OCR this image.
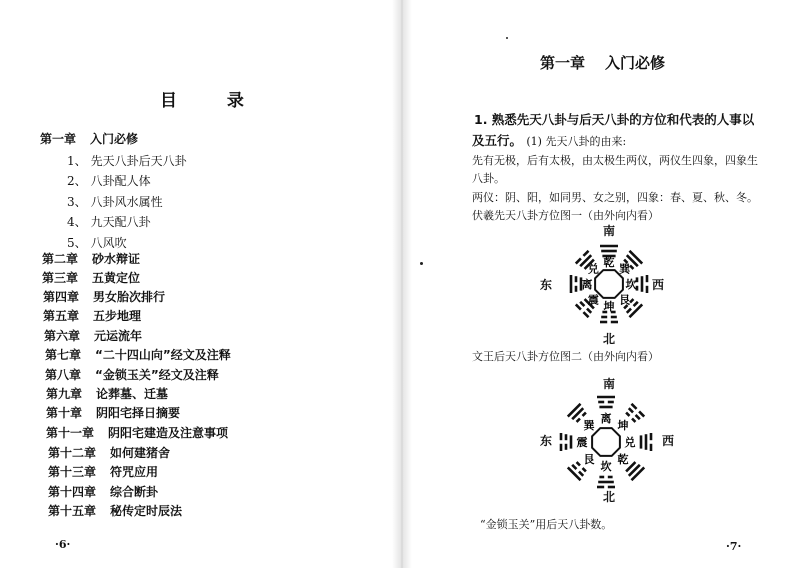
目 录
第一章 入门必修
1、 先天八卦后天八卦
2、 八卦配人体
3、 八卦风水属性
4、 九天配八卦
5、 八风吹
第二章 砂水辩证
第三章 五黄定位
第四章 男女胎次排行
第五章 五步地理
第六章 元运流年
第七章 “二十四山向”经文及注释
第八章 “金锁玉关”经文及注释
第九章 论葬墓、迁墓
第十章 阴阳宅择日摘要
第十一章 阴阳宅建造及注意事项
第十二章 如何建猪舍
第十三章 符咒应用
第十四章 综合断卦
第十五章 秘传定时辰法
·6·
第一章 入门必修
1. 熟悉先天八卦与后天八卦的方位和代表的人事以
及五行。 (1) 先天八卦的由来:
先有无极，后有太极，由太极生两仪，两仪生四象，四象生
八卦。
两仪：阴、阳，如同男、女之别，四象：春、夏、秋、冬。
伏羲先天八卦方位图一（由外向内看）
乾 巽
坎
艮
坤
震
离
兑
南
北
东	西
文王后天八卦方位图二（由外向内看）
离
坤
兑
乾
坎
艮
震
巽
南
北
东	西
“金锁玉关”用后天八卦数。
·7·
